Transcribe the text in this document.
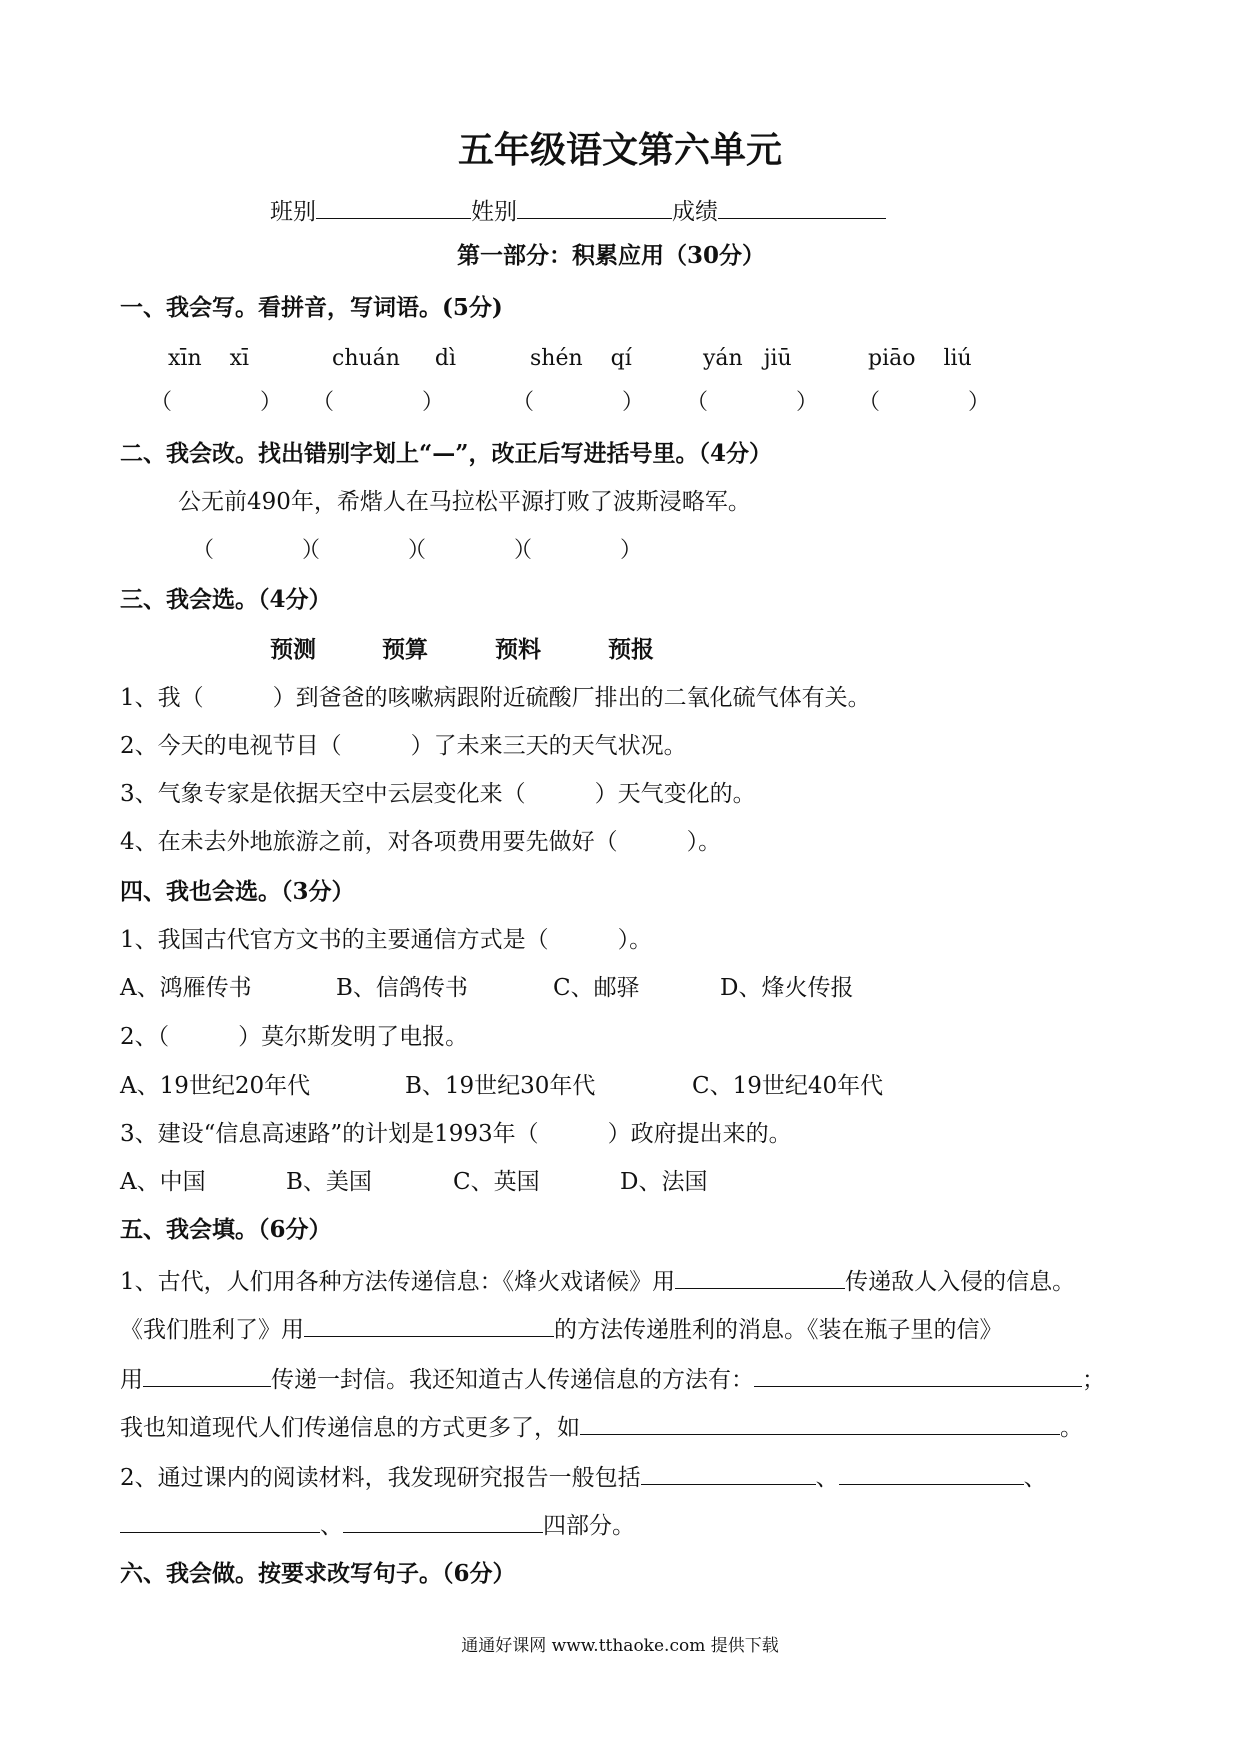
五年级语文第六单元
班别	姓别	成绩
第一部分：积累应用（30分）
一、我会写。看拼音，写词语。(5分)
xīn xī	chuán dì	shén qí	yán jiū	piāo liú
（　　　　） （　　　　）	（　　　　） （　　　　） （　　　　）
二、我会改。找出错别字划上“—”，改正后写进括号里。（4分）
公无前490年，希煯人在马拉松平源打败了波斯浸略军。
（　　　　）
（　　　　）
（　　　　）
（　　　　）
三、我会选。（4分）
预测	预算	预料	预报
1、我（　　　）到爸爸的咳嗽病跟附近硫酸厂排出的二氧化硫气体有关。
2、今天的电视节目（　　　）了未来三天的天气状况。
3、气象专家是依据天空中云层变化来（　　　）天气变化的。
4、在未去外地旅游之前，对各项费用要先做好（　　　）。
四、我也会选。（3分）
1、我国古代官方文书的主要通信方式是（　　　）。
A、鸿雁传书	B、信鸽传书	C、邮驿	D、烽火传报
2、（　　　）莫尔斯发明了电报。
A、19世纪20年代	B、19世纪30年代	C、19世纪40年代
3、建设“信息高速路”的计划是1993年（　　　）政府提出来的。
A、中国	B、美国	C、英国	D、法国
五、我会填。（6分）
1、古代，人们用各种方法传递信息：《烽火戏诸候》用	传递敌人入侵的信息。
《我们胜利了》用	的方法传递胜利的消息。《装在瓶子里的信》
用	传递一封信。我还知道古人传递信息的方法有：	；
我也知道现代人们传递信息的方式更多了，如	。
2、通过课内的阅读材料，我发现研究报告一般包括	、	、
、	四部分。
六、我会做。按要求改写句子。（6分）
通通好课网 www.tthaoke.com 提供下载
